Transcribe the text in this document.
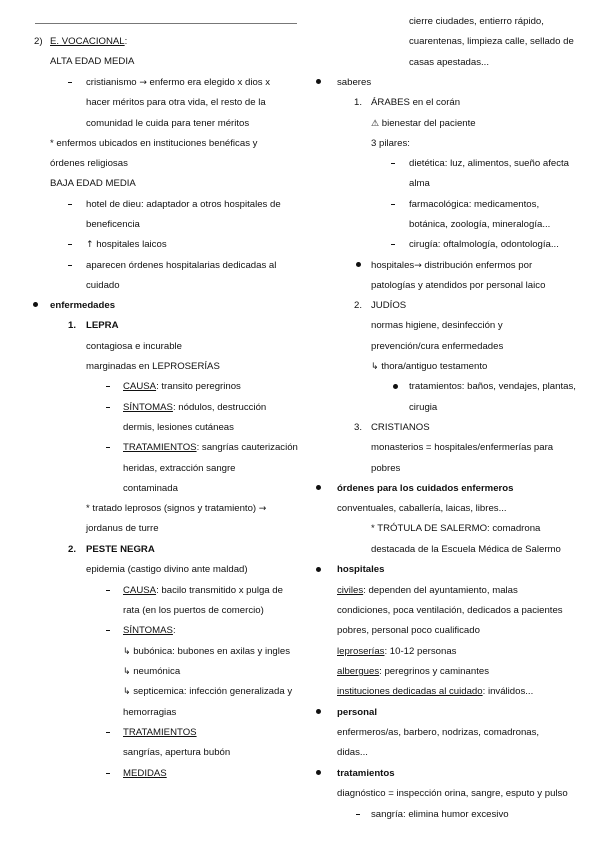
2) E. VOCACIONAL:
ALTA EDAD MEDIA
cristianismo → enfermo era elegido x dios x
hacer méritos para otra vida, el resto de la
comunidad le cuida para tener méritos
* enfermos ubicados en instituciones benéficas y
órdenes religiosas
BAJA EDAD MEDIA
hotel de dieu: adaptador a otros hospitales de
beneficencia
↑ hospitales laicos
aparecen órdenes hospitalarias dedicadas al
cuidado
enfermedades
1. LEPRA
contagiosa e incurable
marginadas en LEPROSERÍAS
CAUSA: transito peregrinos
SÍNTOMAS: nódulos, destrucción
dermis, lesiones cutáneas
TRATAMIENTOS: sangrías cauterización
heridas, extracción sangre
contaminada
* tratado leprosos (signos y tratamiento) →
jordanus de turre
2. PESTE NEGRA
epidemia (castigo divino ante maldad)
CAUSA: bacilo transmitido x pulga de
rata (en los puertos de comercio)
SÍNTOMAS:
↳ bubónica: bubones en axilas y ingles
↳ neumónica
↳ septicemica: infección generalizada y
hemorragias
TRATAMIENTOS
sangrías, apertura bubón
MEDIDAS
cierre ciudades, entierro rápido,
cuarentenas, limpieza calle, sellado de
casas apestadas...
saberes
1. ÁRABES en el corán
⚠ bienestar del paciente
3 pilares:
dietética: luz, alimentos, sueño afecta
alma
farmacológica: medicamentos,
botánica, zoología, mineralogía...
cirugía: oftalmología, odontología...
hospitales→ distribución enfermos por
patologías y atendidos por personal laico
2. JUDÍOS
normas higiene, desinfección y
prevención/cura enfermedades
↳ thora/antiguo testamento
tratamientos: baños, vendajes, plantas,
cirugia
3. CRISTIANOS
monasterios = hospitales/enfermerías para
pobres
órdenes para los cuidados enfermeros
conventuales, caballería, laicas, libres...
* TRÓTULA DE SALERMO: comadrona
destacada de la Escuela Médica de Salermo
hospitales
civiles: dependen del ayuntamiento, malas
condiciones, poca ventilación, dedicados a pacientes
pobres, personal poco cualificado
leproserías: 10-12 personas
albergues: peregrinos y caminantes
instituciones dedicadas al cuidado: inválidos...
personal
enfermeros/as, barbero, nodrizas, comadronas,
didas...
tratamientos
diagnóstico = inspección orina, sangre, esputo y pulso
sangría: elimina humor excesivo
